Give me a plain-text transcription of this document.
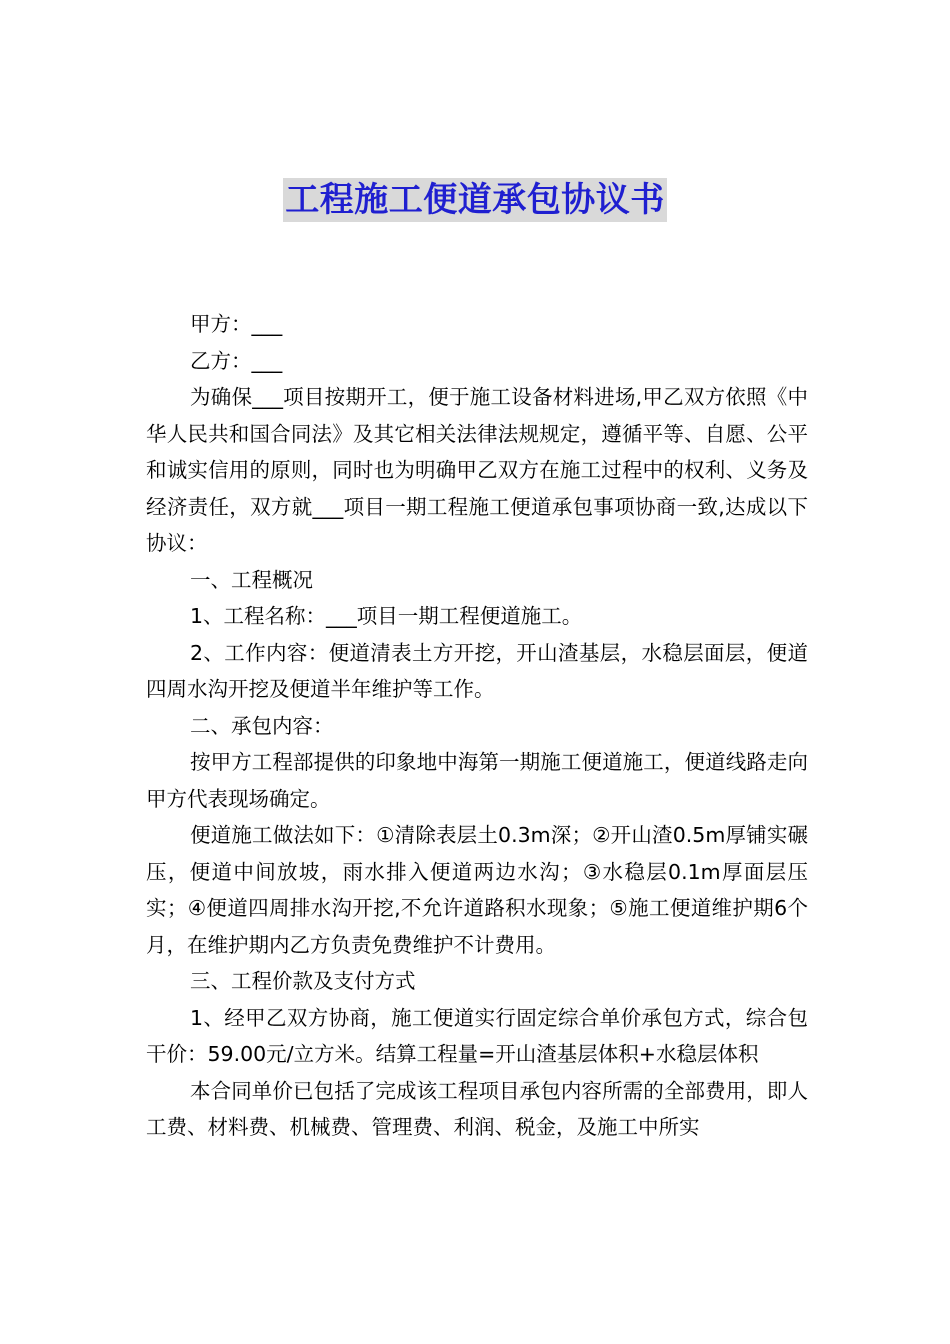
工程施工便道承包协议书

甲方：___

乙方：___

为确保___项目按期开工，便于施工设备材料进场,甲乙双方依照《中华人民共和国合同法》及其它相关法律法规规定，遵循平等、自愿、公平和诚实信用的原则，同时也为明确甲乙双方在施工过程中的权利、义务及经济责任，双方就___项目一期工程施工便道承包事项协商一致,达成以下协议：

一、工程概况

1、工程名称：___项目一期工程便道施工。

2、工作内容：便道清表土方开挖，开山渣基层，水稳层面层，便道四周水沟开挖及便道半年维护等工作。

二、承包内容：

按甲方工程部提供的印象地中海第一期施工便道施工，便道线路走向甲方代表现场确定。

便道施工做法如下：①清除表层土0.3m深；②开山渣0.5m厚铺实碾压，便道中间放坡，雨水排入便道两边水沟；③水稳层0.1m厚面层压实；④便道四周排水沟开挖,不允许道路积水现象；⑤施工便道维护期6个月，在维护期内乙方负责免费维护不计费用。

三、工程价款及支付方式

1、经甲乙双方协商，施工便道实行固定综合单价承包方式，综合包干价：59.00元/立方米。结算工程量=开山渣基层体积+水稳层体积

本合同单价已包括了完成该工程项目承包内容所需的全部费用，即人工费、材料费、机械费、管理费、利润、税金，及施工中所实
